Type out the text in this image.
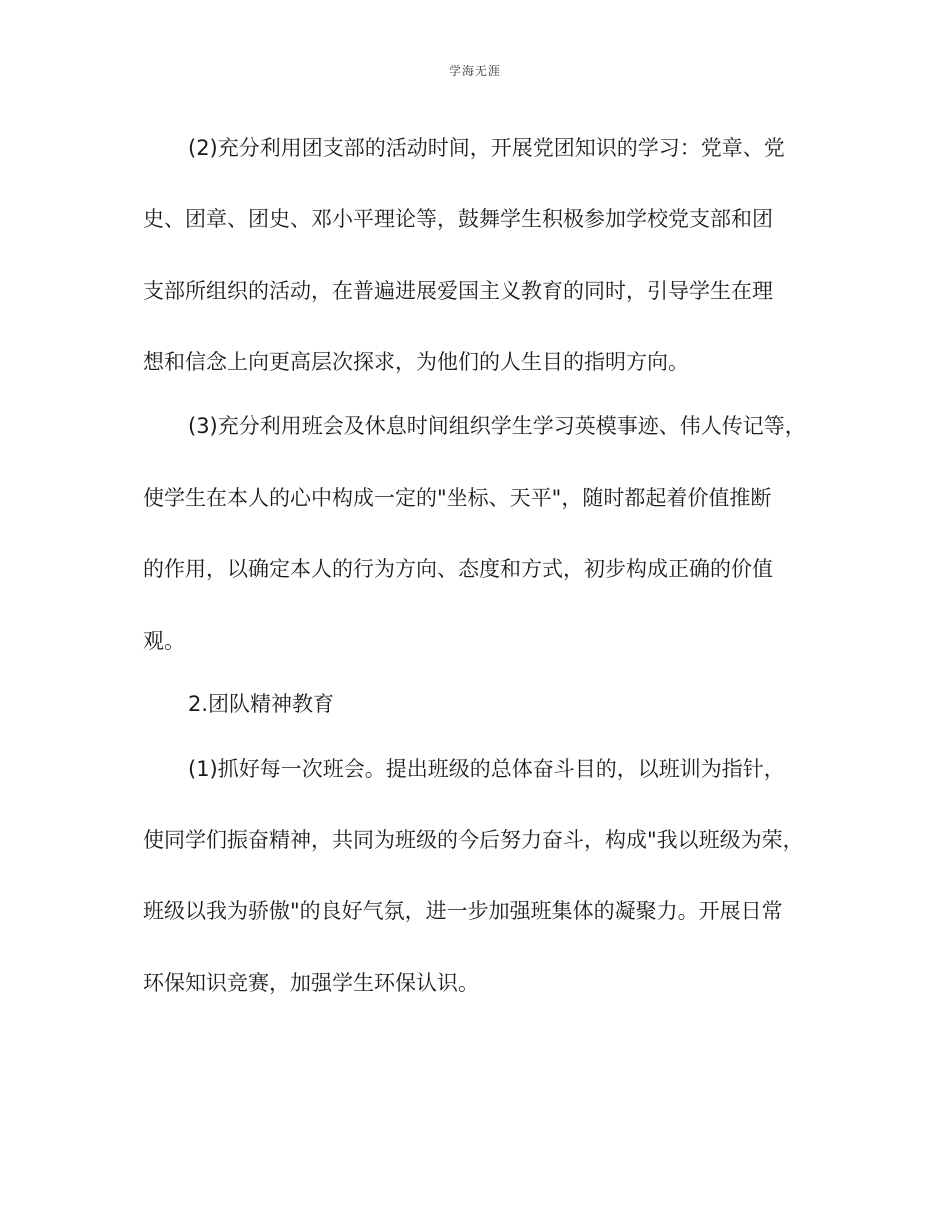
学海无涯
(2)充分利用团支部的活动时间，开展党团知识的学习：党章、党
史、团章、团史、邓小平理论等，鼓舞学生积极参加学校党支部和团
支部所组织的活动，在普遍进展爱国主义教育的同时，引导学生在理
想和信念上向更高层次探求，为他们的人生目的指明方向。
(3)充分利用班会及休息时间组织学生学习英模事迹、伟人传记等，
使学生在本人的心中构成一定的"坐标、天平"，随时都起着价值推断
的作用，以确定本人的行为方向、态度和方式，初步构成正确的价值
观。
2.团队精神教育
(1)抓好每一次班会。提出班级的总体奋斗目的，以班训为指针，
使同学们振奋精神，共同为班级的今后努力奋斗，构成"我以班级为荣，
班级以我为骄傲"的良好气氛，进一步加强班集体的凝聚力。开展日常
环保知识竞赛，加强学生环保认识。
